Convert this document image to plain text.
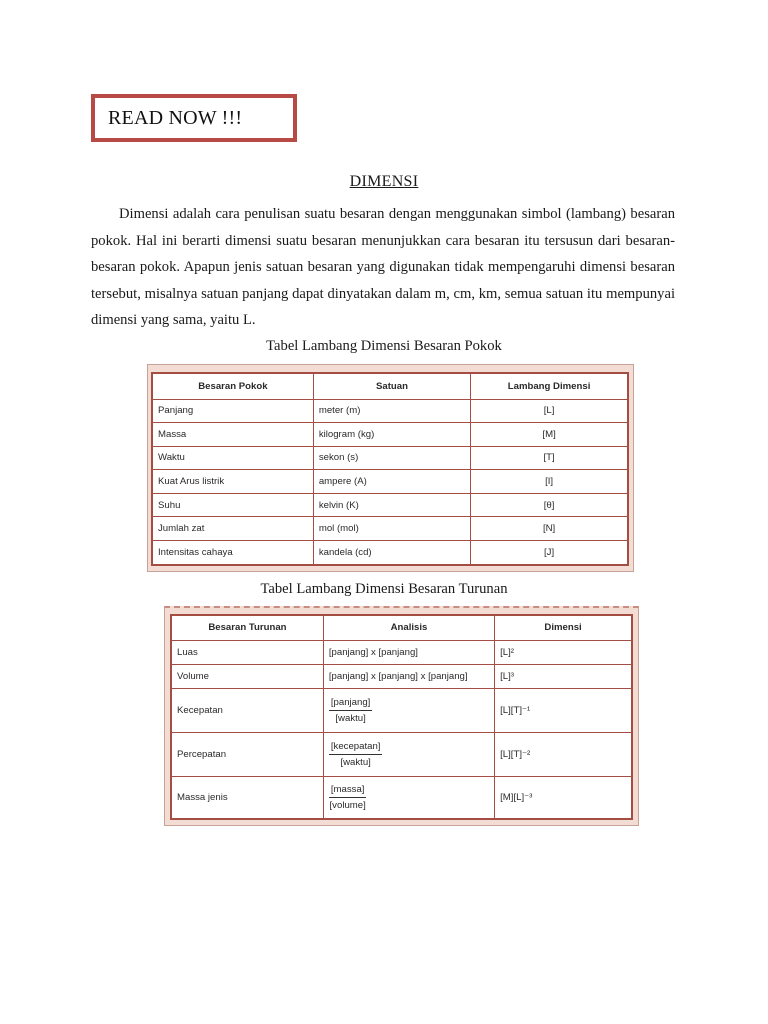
READ NOW !!!
DIMENSI

Dimensi adalah cara penulisan suatu besaran dengan menggunakan simbol (lambang) besaran pokok. Hal ini berarti dimensi suatu besaran menunjukkan cara besaran itu tersusun dari besaran-besaran pokok. Apapun jenis satuan besaran yang digunakan tidak mempengaruhi dimensi besaran tersebut, misalnya satuan panjang dapat dinyatakan dalam m, cm, km, semua satuan itu mempunyai dimensi yang sama, yaitu L.

Tabel Lambang Dimensi Besaran Pokok
Besaran Pokok	Satuan	Lambang Dimensi
Panjang	meter (m)	[L]
Massa	kilogram (kg)	[M]
Waktu	sekon (s)	[T]
Kuat Arus listrik	ampere (A)	[I]
Suhu	kelvin (K)	[θ]
Jumlah zat	mol (mol)	[N]
Intensitas cahaya	kandela (cd)	[J]
Tabel Lambang Dimensi Besaran Turunan
Besaran Turunan	Analisis	Dimensi
Luas	[panjang] x [panjang]	[L]²
Volume	[panjang] x [panjang] x [panjang]	[L]³
Kecepatan	$\frac{\text{[panjang]}}{\text{[waktu]}}$	[L][T]⁻¹
Percepatan	$\frac{\text{[kecepatan]}}{\text{[waktu]}}$	[L][T]⁻²
Massa jenis	$\frac{\text{[massa]}}{\text{[volume]}}$	[M][L]⁻³
